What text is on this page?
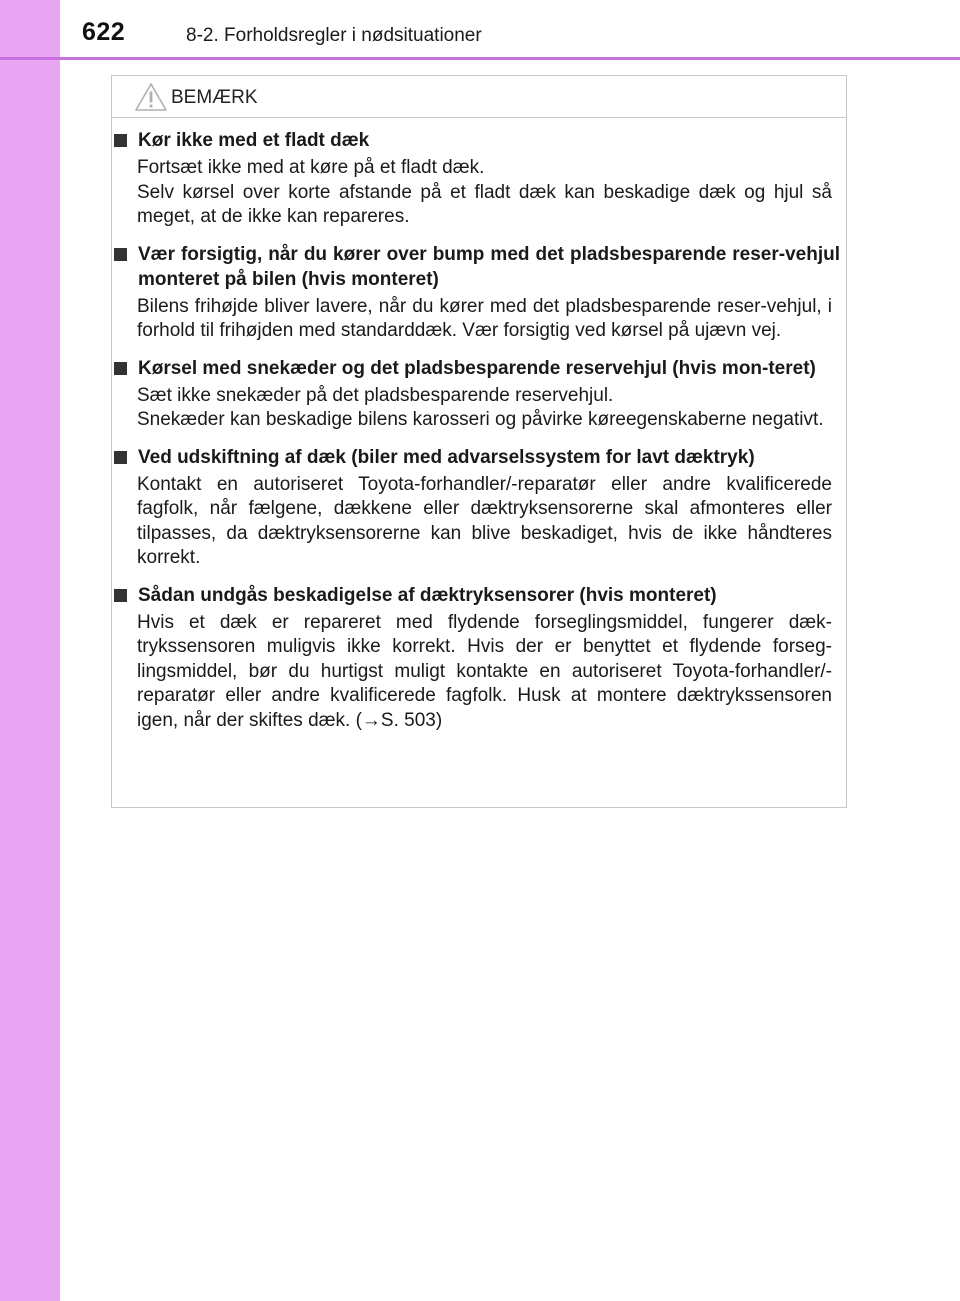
622	8-2. Forholdsregler i nødsituationer
BEMÆRK
Kør ikke med et fladt dæk
Fortsæt ikke med at køre på et fladt dæk.
Selv kørsel over korte afstande på et fladt dæk kan beskadige dæk og hjul så meget, at de ikke kan repareres.
Vær forsigtig, når du kører over bump med det pladsbesparende reser-vehjul monteret på bilen (hvis monteret)
Bilens frihøjde bliver lavere, når du kører med det pladsbesparende reser-vehjul, i forhold til frihøjden med standarddæk. Vær forsigtig ved kørsel på ujævn vej.
Kørsel med snekæder og det pladsbesparende reservehjul (hvis mon-teret)
Sæt ikke snekæder på det pladsbesparende reservehjul.
Snekæder kan beskadige bilens karosseri og påvirke køreegenskaberne negativt.
Ved udskiftning af dæk (biler med advarselssystem for lavt dæktryk)
Kontakt en autoriseret Toyota-forhandler/-reparatør eller andre kvalificerede fagfolk, når fælgene, dækkene eller dæktryksensorerne skal afmonteres eller tilpasses, da dæktryksensorerne kan blive beskadiget, hvis de ikke håndteres korrekt.
Sådan undgås beskadigelse af dæktryksensorer (hvis monteret)
Hvis et dæk er repareret med flydende forseglingsmiddel, fungerer dæk-trykssensoren muligvis ikke korrekt. Hvis der er benyttet et flydende forseg-lingsmiddel, bør du hurtigst muligt kontakte en autoriseret Toyota-forhandler/-reparatør eller andre kvalificerede fagfolk. Husk at montere dæktrykssensoren igen, når der skiftes dæk. (→S. 503)
